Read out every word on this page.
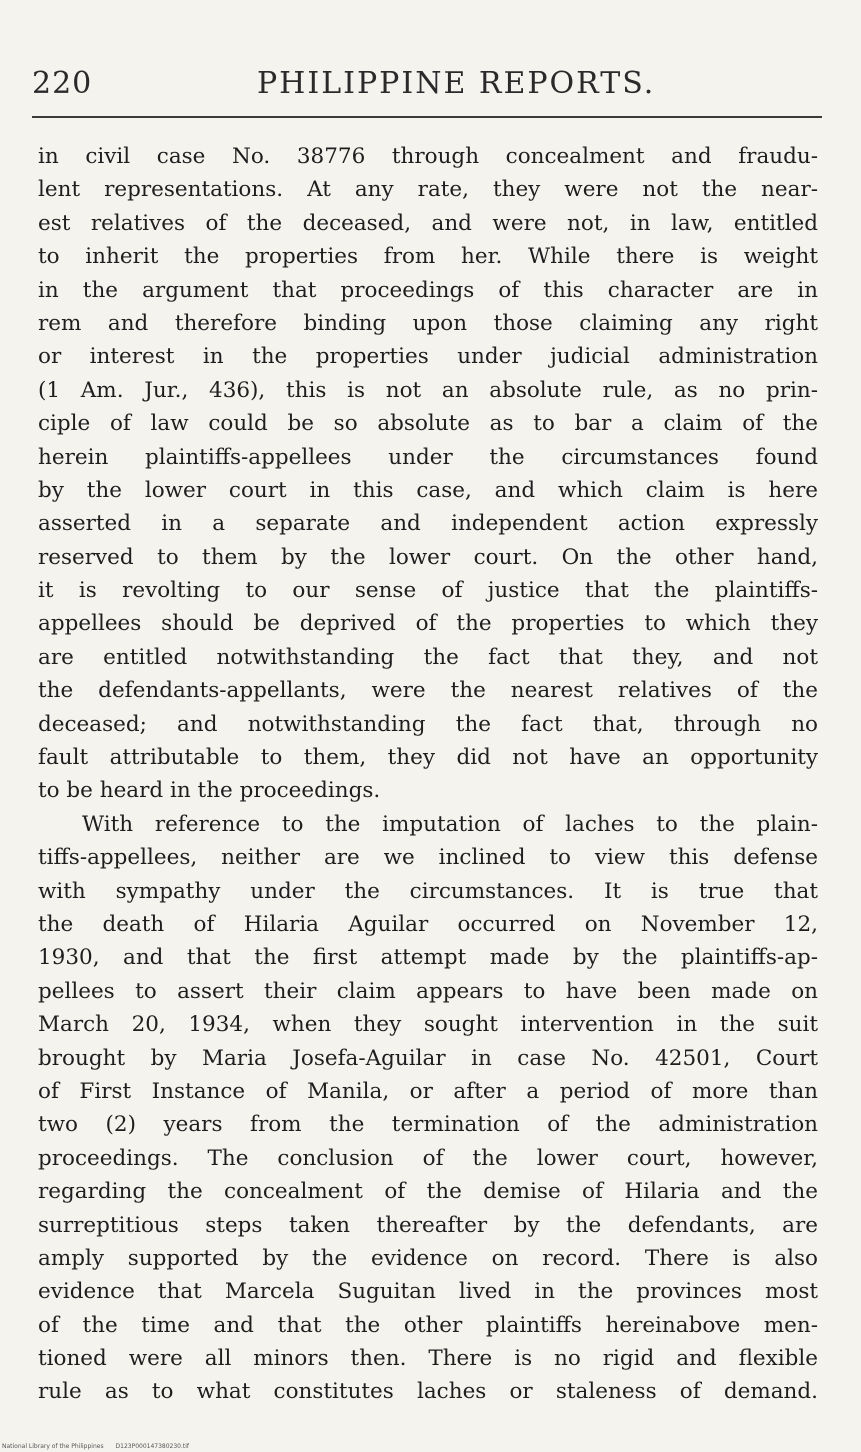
220	PHILIPPINE REPORTS.
in civil case No. 38776 through concealment and fraudu-
lent representations. At any rate, they were not the near-
est relatives of the deceased, and were not, in law, entitled
to inherit the properties from her. While there is weight
in the argument that proceedings of this character are in
rem and therefore binding upon those claiming any right
or interest in the properties under judicial administration
(1 Am. Jur., 436), this is not an absolute rule, as no prin-
ciple of law could be so absolute as to bar a claim of the
herein plaintiffs-appellees under the circumstances found
by the lower court in this case, and which claim is here
asserted in a separate and independent action expressly
reserved to them by the lower court. On the other hand,
it is revolting to our sense of justice that the plaintiffs-
appellees should be deprived of the properties to which they
are entitled notwithstanding the fact that they, and not
the defendants-appellants, were the nearest relatives of the
deceased; and notwithstanding the fact that, through no
fault attributable to them, they did not have an opportunity
to be heard in the proceedings.
With reference to the imputation of laches to the plain-
tiffs-appellees, neither are we inclined to view this defense
with sympathy under the circumstances. It is true that
the death of Hilaria Aguilar occurred on November 12,
1930, and that the first attempt made by the plaintiffs-ap-
pellees to assert their claim appears to have been made on
March 20, 1934, when they sought intervention in the suit
brought by Maria Josefa-Aguilar in case No. 42501, Court
of First Instance of Manila, or after a period of more than
two (2) years from the termination of the administration
proceedings. The conclusion of the lower court, however,
regarding the concealment of the demise of Hilaria and the
surreptitious steps taken thereafter by the defendants, are
amply supported by the evidence on record. There is also
evidence that Marcela Suguitan lived in the provinces most
of the time and that the other plaintiffs hereinabove men-
tioned were all minors then. There is no rigid and flexible
rule as to what constitutes laches or staleness of demand.
National Library of the Philippines D123P000147380230.tif
